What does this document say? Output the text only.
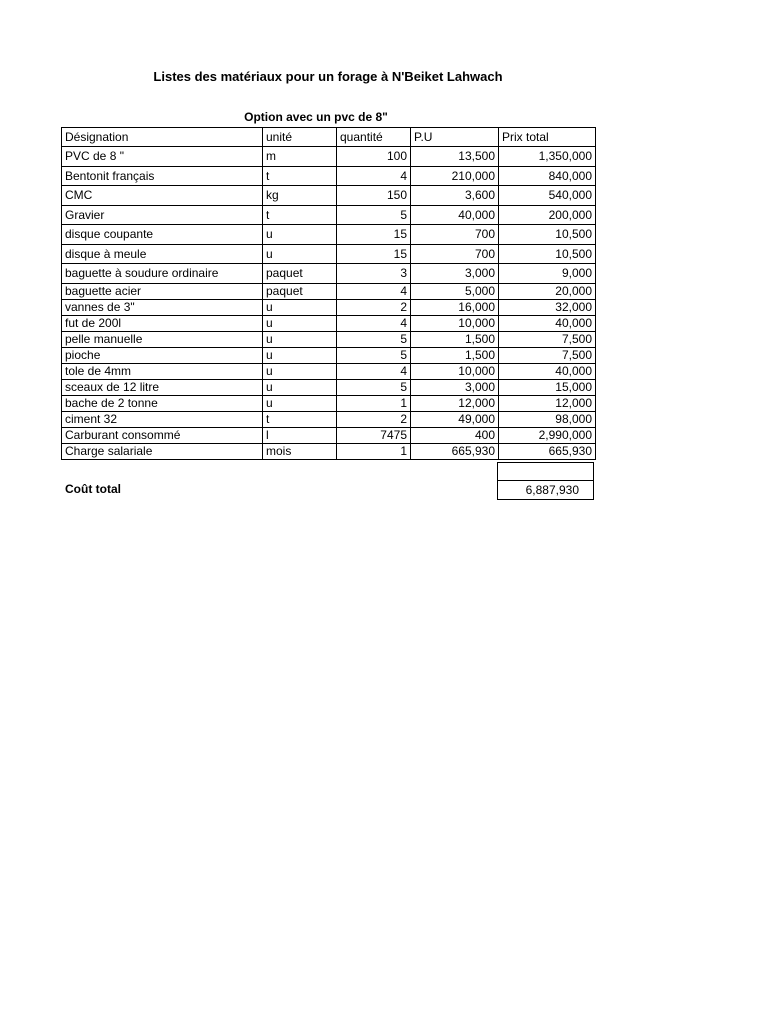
Listes des matériaux pour un forage à N'Beiket Lahwach
Option avec un pvc de 8"
Désignation	unité	quantité	P.U	Prix total
PVC de 8 "	m	100	13,500	1,350,000
Bentonit français	t	4	210,000	840,000
CMC	kg	150	3,600	540,000
Gravier	t	5	40,000	200,000
disque coupante	u	15	700	10,500
disque à meule	u	15	700	10,500
baguette à soudure ordinaire	paquet	3	3,000	9,000
baguette acier	paquet	4	5,000	20,000
vannes de 3"	u	2	16,000	32,000
fut de 200l	u	4	10,000	40,000
pelle manuelle	u	5	1,500	7,500
pioche	u	5	1,500	7,500
tole de 4mm	u	4	10,000	40,000
sceaux de 12 litre	u	5	3,000	15,000
bache de 2 tonne	u	1	12,000	12,000
ciment 32	t	2	49,000	98,000
Carburant consommé	l	7475	400	2,990,000
Charge salariale	mois	1	665,930	665,930
Coût total	6,887,930
